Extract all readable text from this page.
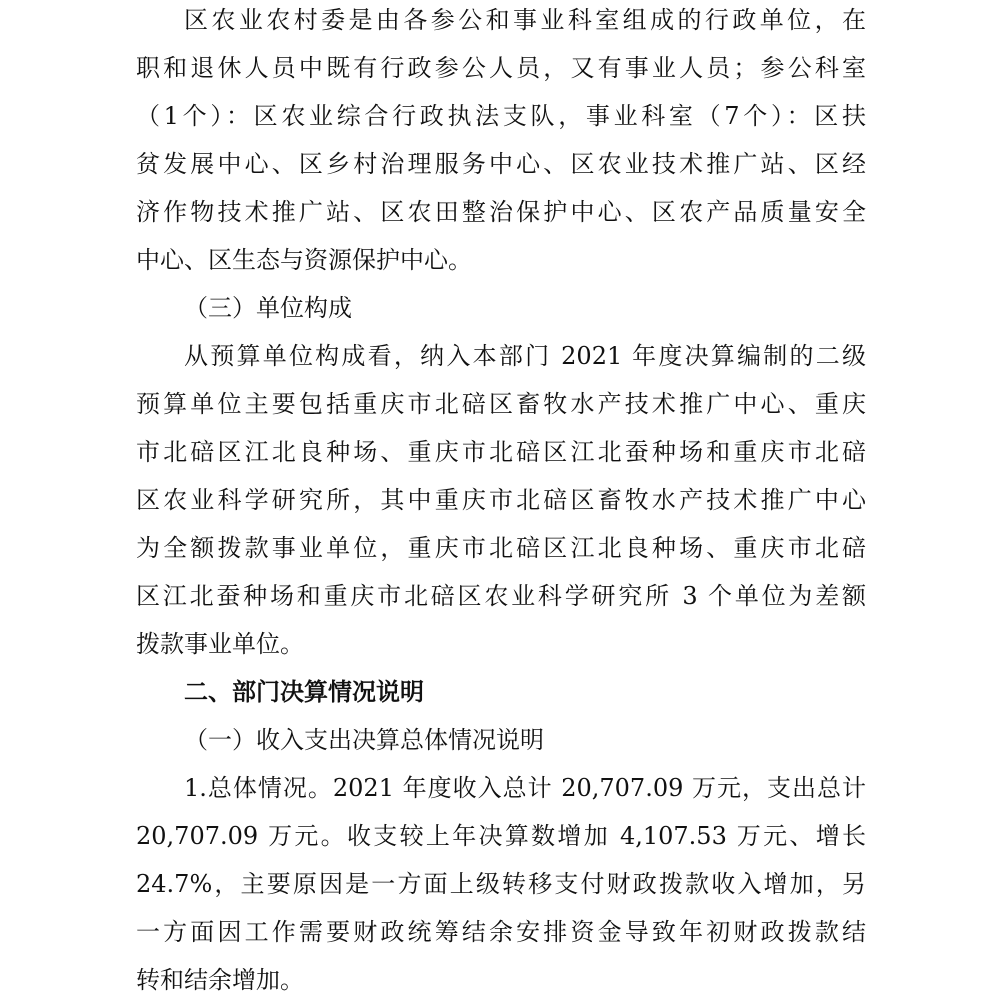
区农业农村委是由各参公和事业科室组成的行政单位，在
职和退休人员中既有行政参公人员，又有事业人员；参公科室
（1个）：区农业综合行政执法支队，事业科室（7个）：区扶
贫发展中心、区乡村治理服务中心、区农业技术推广站、区经
济作物技术推广站、区农田整治保护中心、区农产品质量安全
中心、区生态与资源保护中心。
（三）单位构成
从预算单位构成看，纳入本部门 2021 年度决算编制的二级
预算单位主要包括重庆市北碚区畜牧水产技术推广中心、重庆
市北碚区江北良种场、重庆市北碚区江北蚕种场和重庆市北碚
区农业科学研究所，其中重庆市北碚区畜牧水产技术推广中心
为全额拨款事业单位，重庆市北碚区江北良种场、重庆市北碚
区江北蚕种场和重庆市北碚区农业科学研究所 3 个单位为差额
拨款事业单位。
二、部门决算情况说明
（一）收入支出决算总体情况说明
1.总体情况。2021 年度收入总计 20,707.09 万元，支出总计
20,707.09 万元。收支较上年决算数增加 4,107.53 万元、增长
24.7%，主要原因是一方面上级转移支付财政拨款收入增加，另
一方面因工作需要财政统筹结余安排资金导致年初财政拨款结
转和结余增加。
